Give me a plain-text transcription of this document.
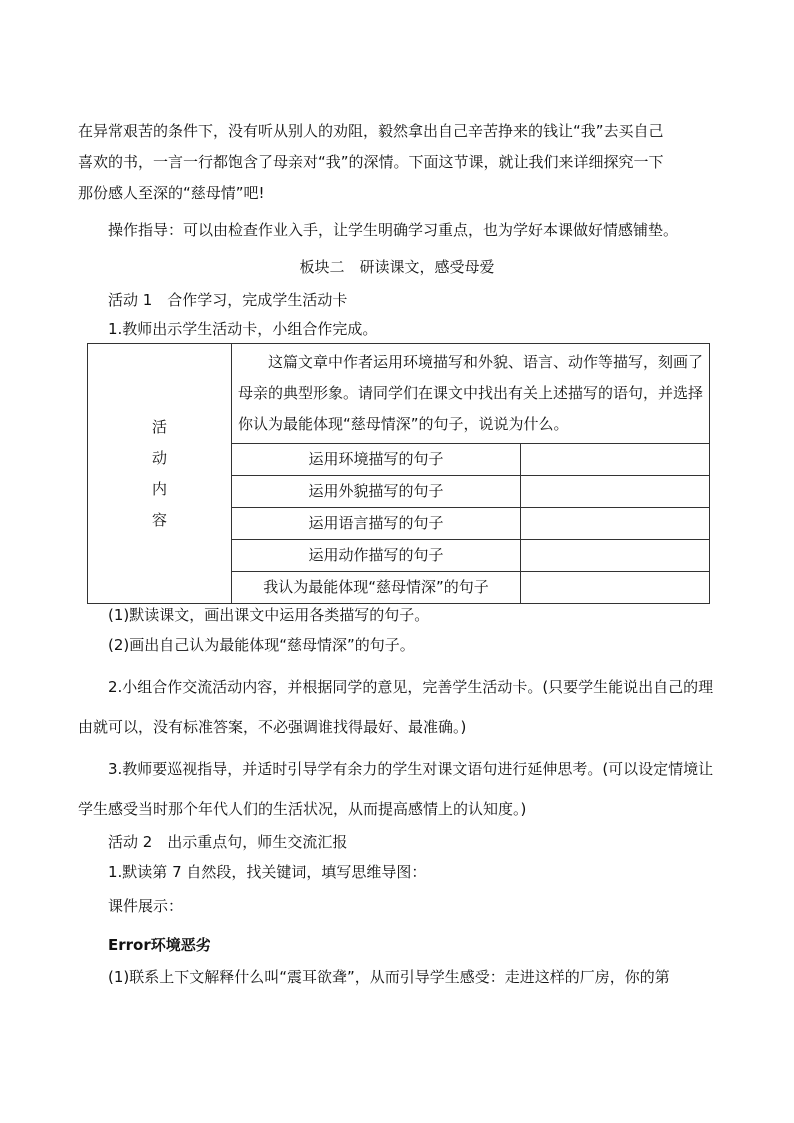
在异常艰苦的条件下，没有听从别人的劝阻，毅然拿出自己辛苦挣来的钱让“我”去买自己
喜欢的书，一言一行都饱含了母亲对“我”的深情。下面这节课，就让我们来详细探究一下
那份感人至深的“慈母情”吧!
操作指导：可以由检查作业入手，让学生明确学习重点，也为学好本课做好情感铺垫。
板块二　研读课文，感受母爱
活动 1　合作学习，完成学生活动卡
1.教师出示学生活动卡，小组合作完成。
活
动
内
容	这篇文章中作者运用环境描写和外貌、语言、动作等描写，刻画了母亲的典型形象。请同学们在课文中找出有关上述描写的语句，并选择你认为最能体现“慈母情深”的句子，说说为什么。	
	运用环境描写的句子	
	运用外貌描写的句子	
	运用语言描写的句子	
	运用动作描写的句子	
	我认为最能体现“慈母情深”的句子	
(1)默读课文，画出课文中运用各类描写的句子。
(2)画出自己认为最能体现“慈母情深”的句子。

2.小组合作交流活动内容，并根据同学的意见，完善学生活动卡。(只要学生能说出自己的理由就可以，没有标准答案，不必强调谁找得最好、最准确。)

3.教师要巡视指导，并适时引导学有余力的学生对课文语句进行延伸思考。(可以设定情境让学生感受当时那个年代人们的生活状况，从而提高感情上的认知度。)

活动 2　出示重点句，师生交流汇报
1.默读第 7 自然段，找关键词，填写思维导图：
课件展示：
Error环境恶劣
(1)联系上下文解释什么叫“震耳欲聋”，从而引导学生感受：走进这样的厂房，你的第
